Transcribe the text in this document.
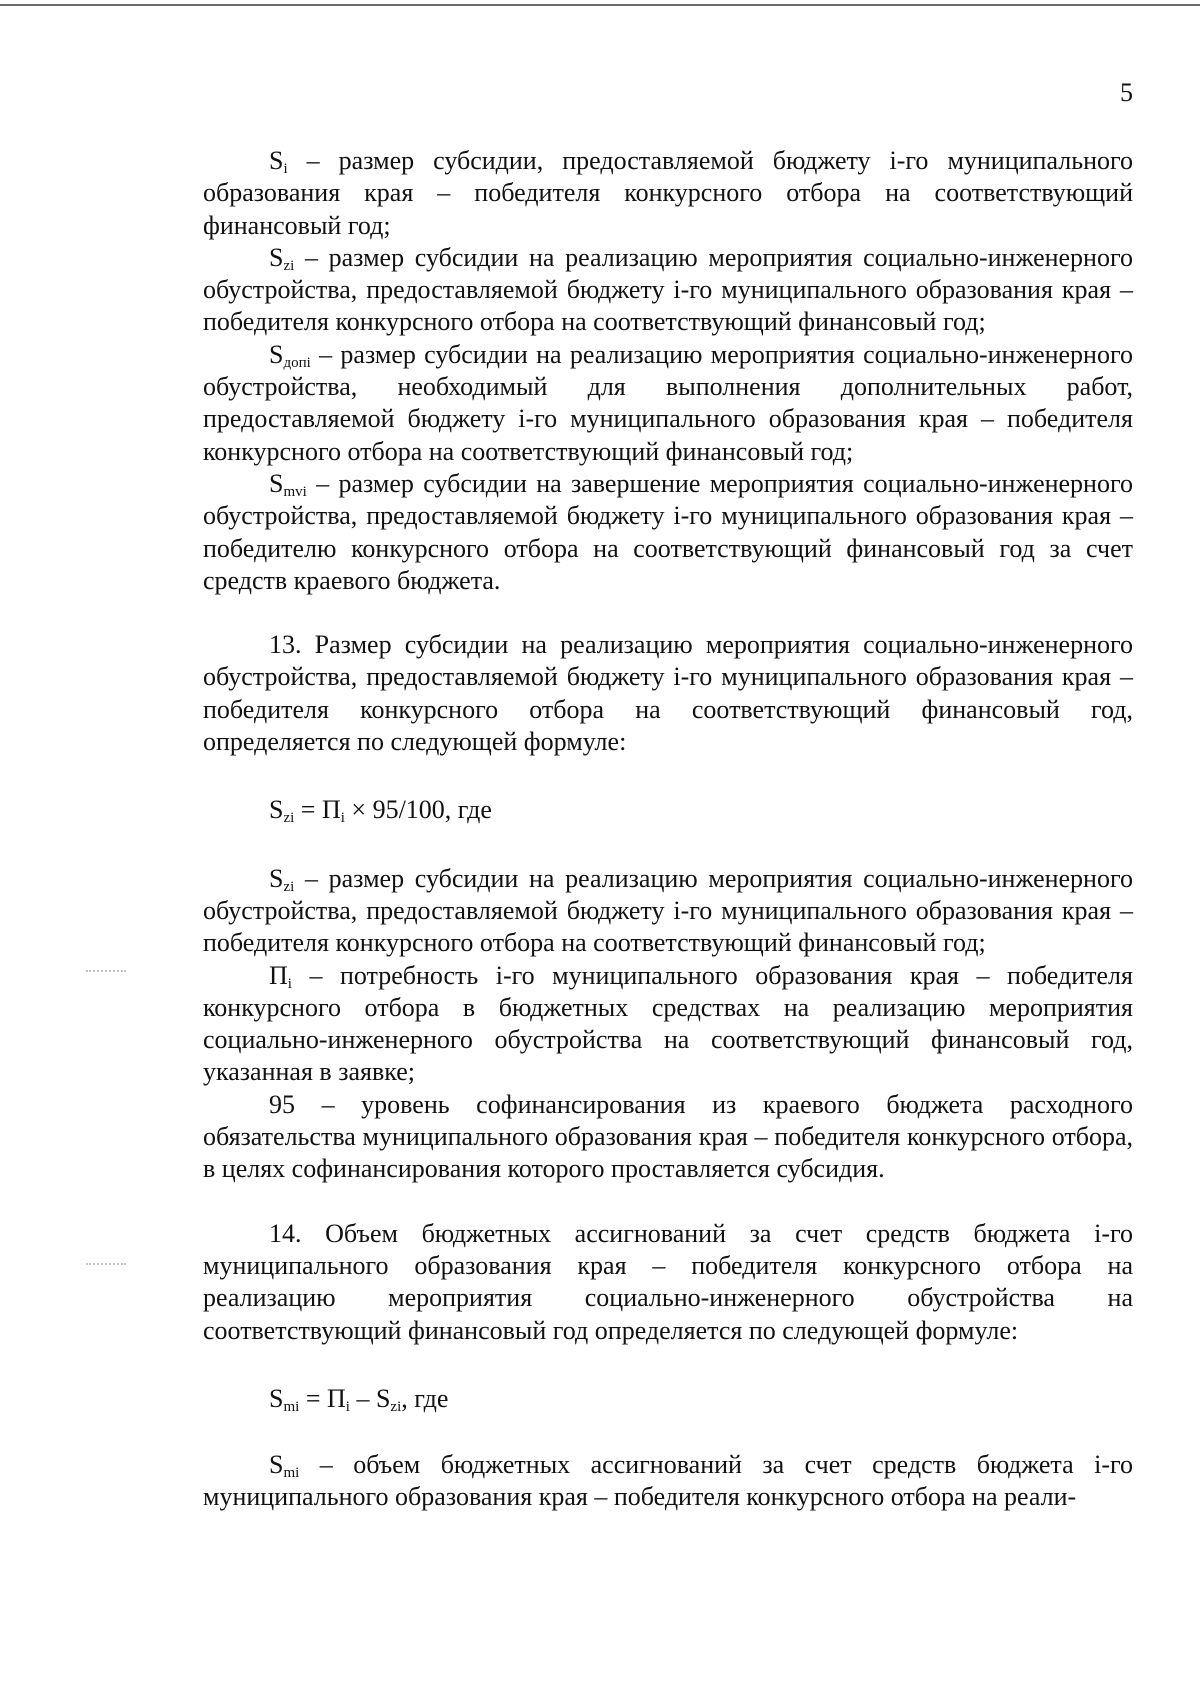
5

$S_i$ – размер субсидии, предоставляемой бюджету i-го муниципального образования края – победителя конкурсного отбора на соответствующий финансовый год;

$S_{zi}$ – размер субсидии на реализацию мероприятия социально-инженерного обустройства, предоставляемой бюджету i-го муниципального образования края – победителя конкурсного отбора на соответствующий финансовый год;

$S_{допi}$ – размер субсидии на реализацию мероприятия социально-инженерного обустройства, необходимый для выполнения дополнительных работ, предоставляемой бюджету i-го муниципального образования края – победителя конкурсного отбора на соответствующий финансовый год;

$S_{mvi}$ – размер субсидии на завершение мероприятия социально-инженерного обустройства, предоставляемой бюджету i-го муниципального образования края – победителю конкурсного отбора на соответствующий финансовый год за счет средств краевого бюджета.

13. Размер субсидии на реализацию мероприятия социально-инженерного обустройства, предоставляемой бюджету i-го муниципального образования края – победителя конкурсного отбора на соответствующий финансовый год, определяется по следующей формуле:

$S_{zi} = П_i \times 95/100$, где

$S_{zi}$ – размер субсидии на реализацию мероприятия социально-инженерного обустройства, предоставляемой бюджету i-го муниципального образования края – победителя конкурсного отбора на соответствующий финансовый год;

$П_i$ – потребность i-го муниципального образования края – победителя конкурсного отбора в бюджетных средствах на реализацию мероприятия социально-инженерного обустройства на соответствующий финансовый год, указанная в заявке;

95 – уровень софинансирования из краевого бюджета расходного обязательства муниципального образования края – победителя конкурсного отбора, в целях софинансирования которого проставляется субсидия.

14. Объем бюджетных ассигнований за счет средств бюджета i-го муниципального образования края – победителя конкурсного отбора на реализацию мероприятия социально-инженерного обустройства на соответствующий финансовый год определяется по следующей формуле:

$S_{mi} = П_i - S_{zi}$, где

$S_{mi}$ – объем бюджетных ассигнований за счет средств бюджета i-го муниципального образования края – победителя конкурсного отбора на реали-
